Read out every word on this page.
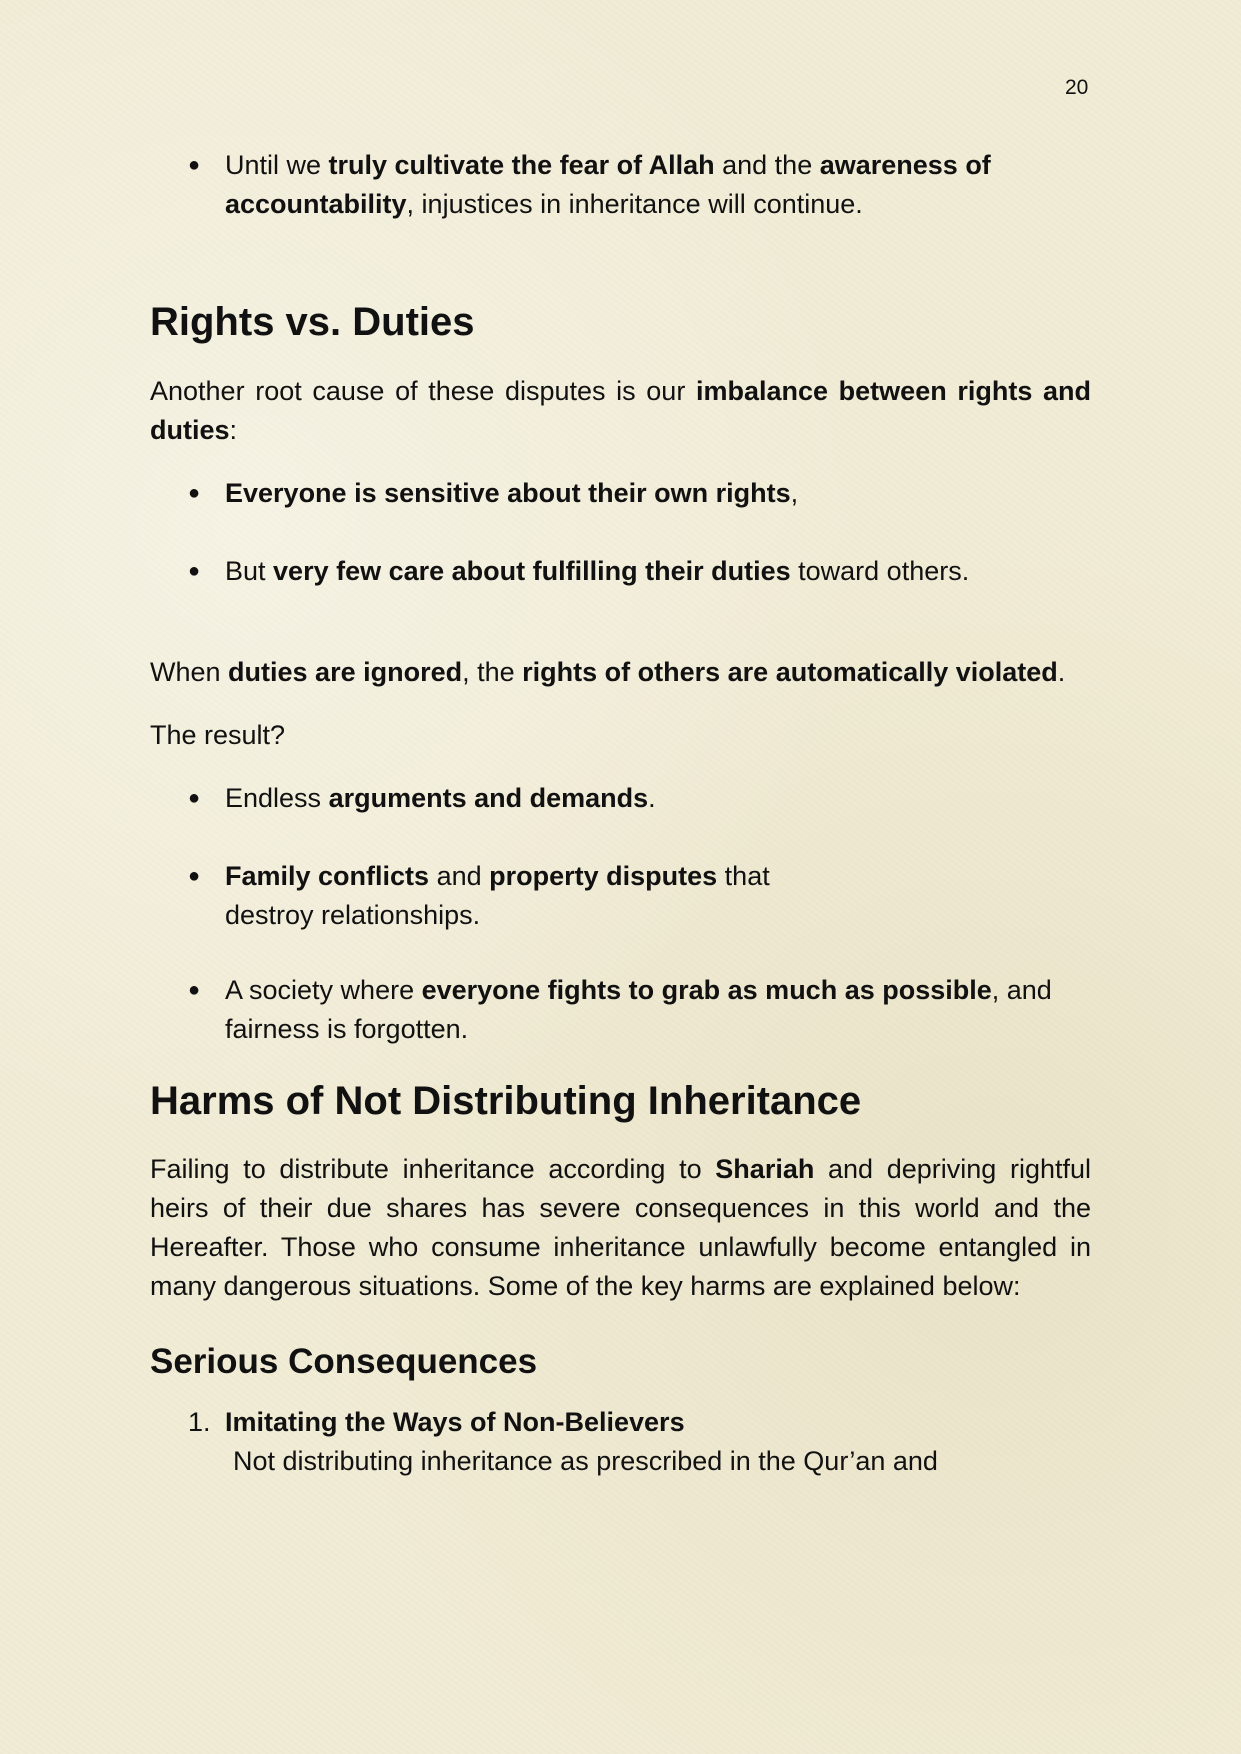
20
● Until we truly cultivate the fear of Allah and the awareness of accountability, injustices in inheritance will continue.
Rights vs. Duties

Another root cause of these disputes is our imbalance between rights and duties:

● Everyone is sensitive about their own rights,
● But very few care about fulfilling their duties toward others.

When duties are ignored, the rights of others are automatically violated.

The result?

● Endless arguments and demands.
● Family conflicts and property disputes that destroy relationships.
● A society where everyone fights to grab as much as possible, and fairness is forgotten.
Harms of Not Distributing Inheritance

Failing to distribute inheritance according to Shariah and depriving rightful heirs of their due shares has severe consequences in this world and the Hereafter. Those who consume inheritance unlawfully become entangled in many dangerous situations. Some of the key harms are explained below:

Serious Consequences
1. Imitating the Ways of Non-Believers
Not distributing inheritance as prescribed in the Qur’an and
